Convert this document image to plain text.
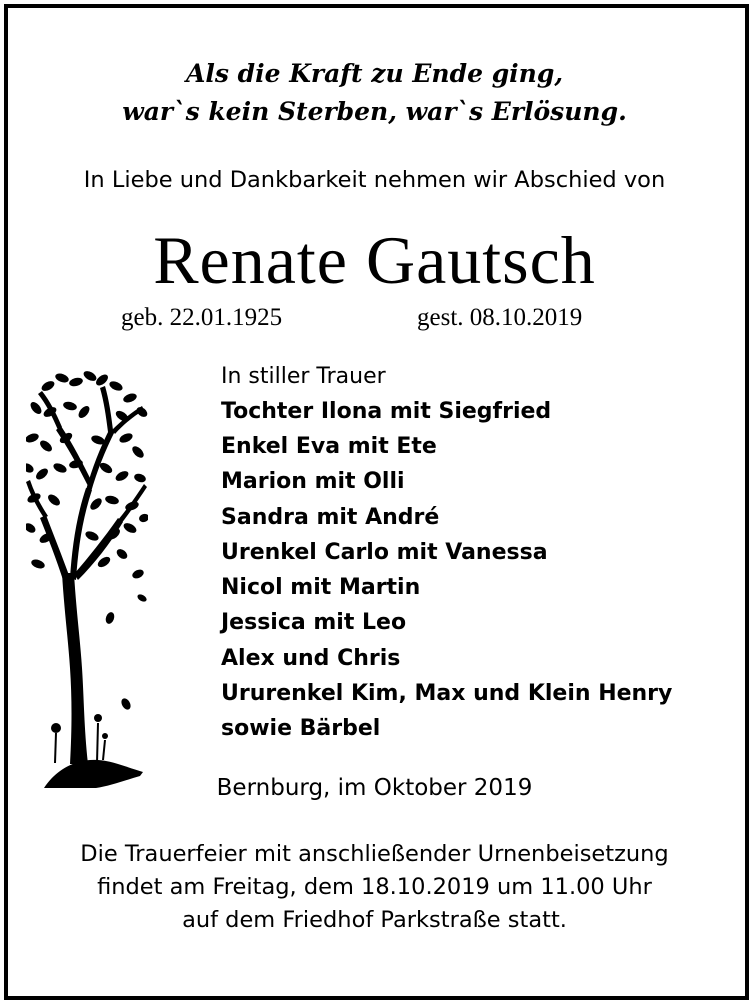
Als die Kraft zu Ende ging,
war`s kein Sterben, war`s Erlösung.
In Liebe und Dankbarkeit nehmen wir Abschied von
Renate Gautsch
geb. 22.01.1925	gest. 08.10.2019
In stiller Trauer
Tochter Ilona mit Siegfried
Enkel Eva mit Ete
Marion mit Olli
Sandra mit André
Urenkel Carlo mit Vanessa
Nicol mit Martin
Jessica mit Leo
Alex und Chris
Ururenkel Kim, Max und Klein Henry
sowie Bärbel
Bernburg, im Oktober 2019
Die Trauerfeier mit anschließender Urnenbeisetzung
findet am Freitag, dem 18.10.2019 um 11.00 Uhr
auf dem Friedhof Parkstraße statt.
